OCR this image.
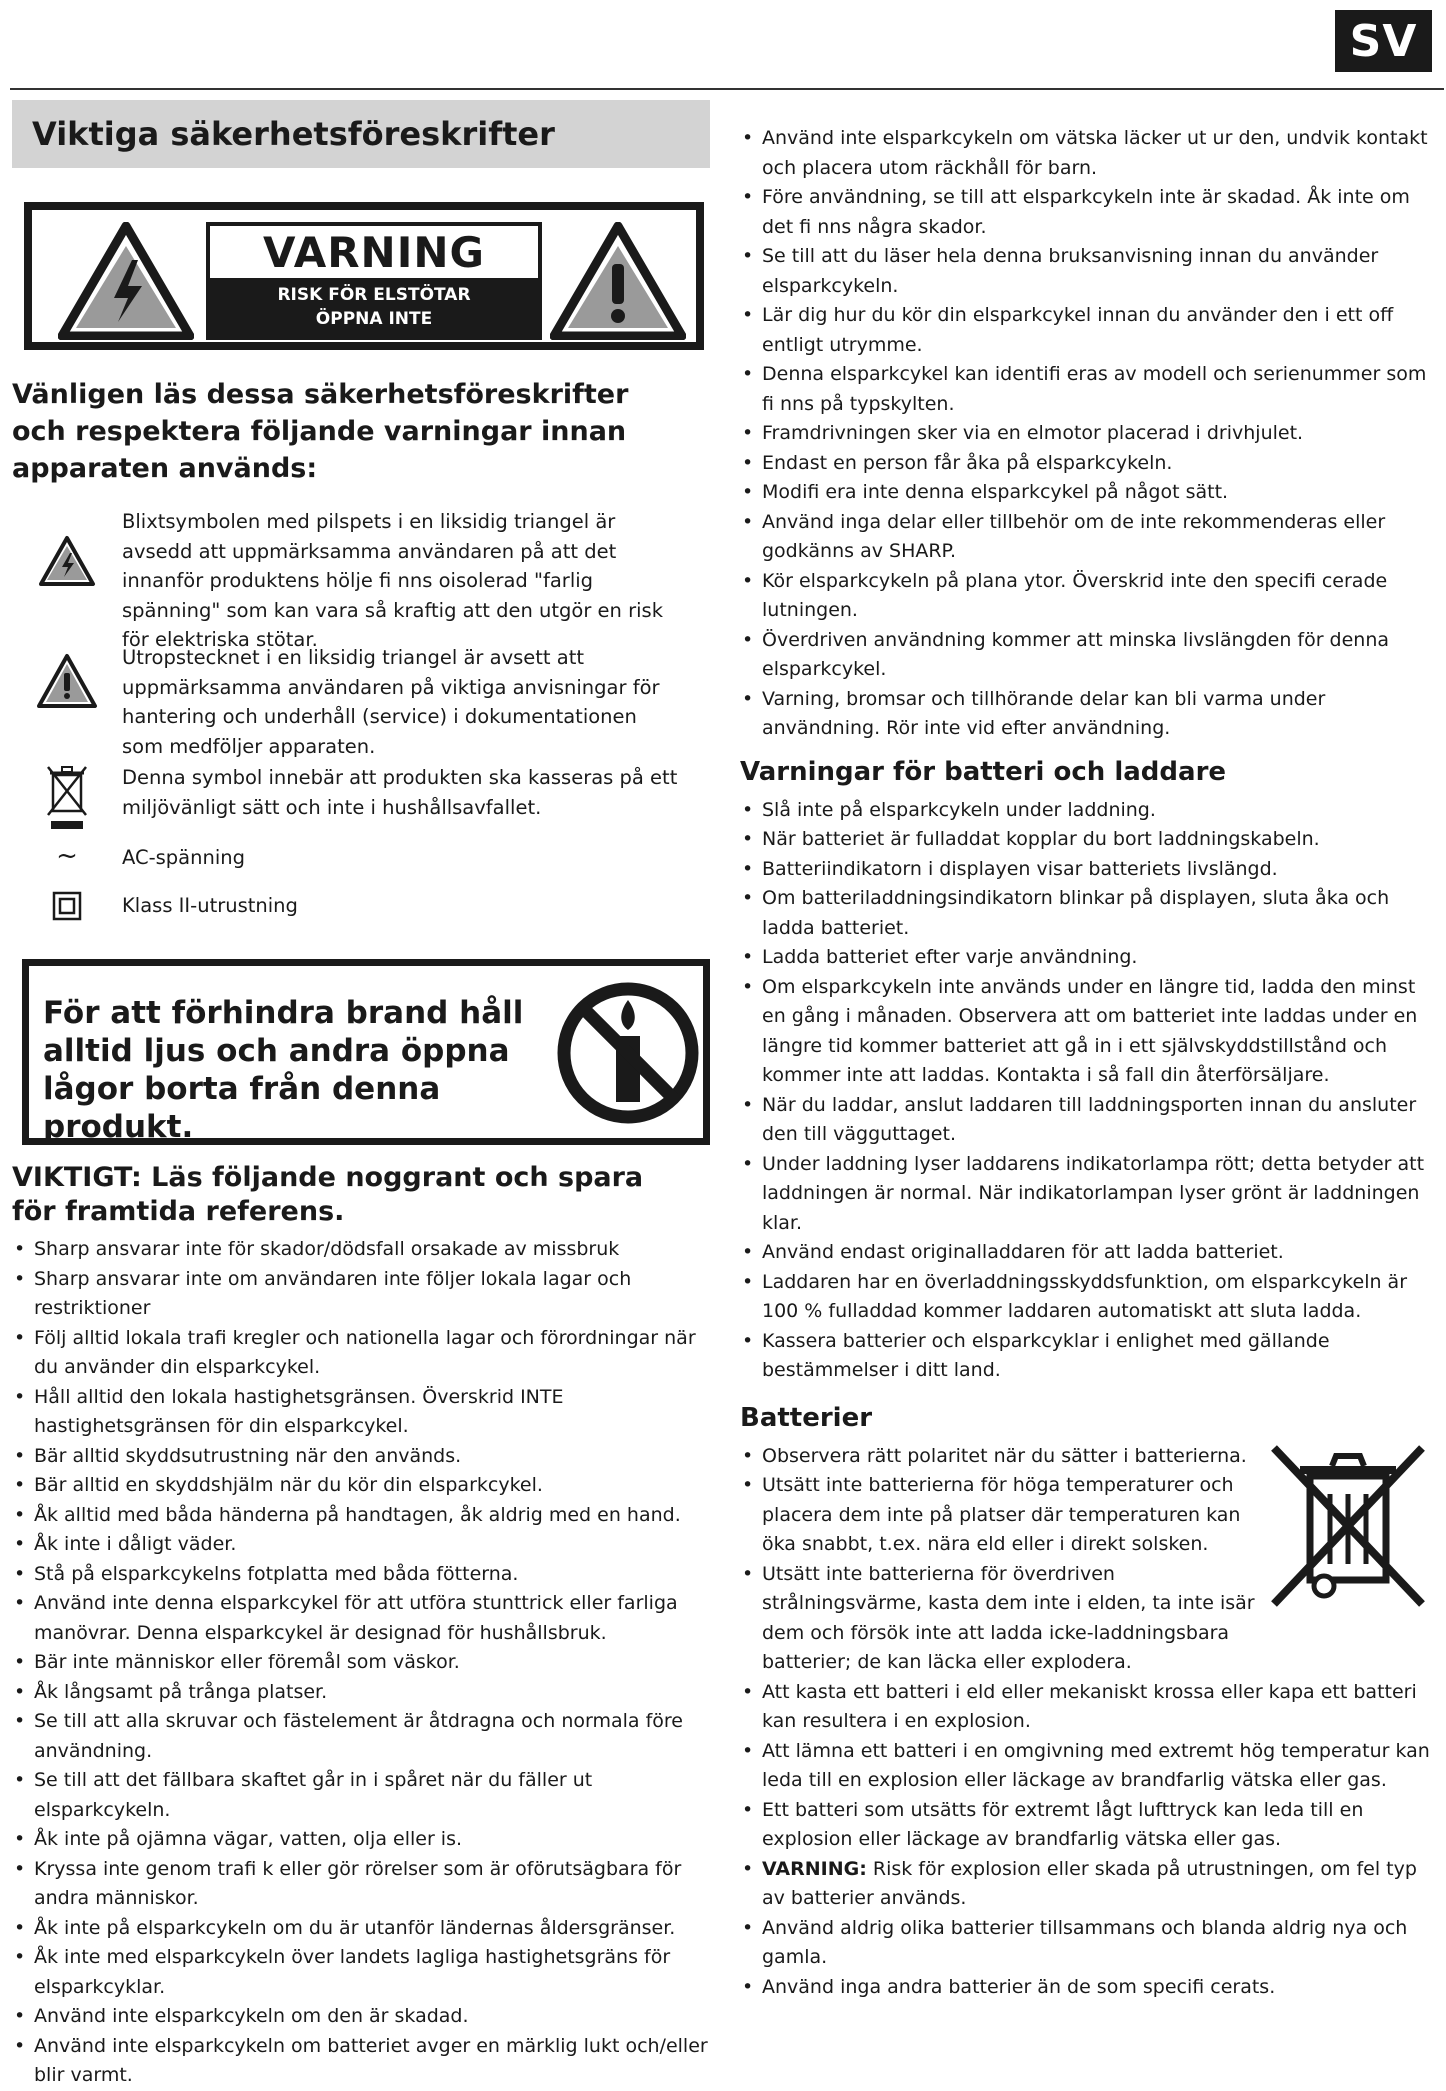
SV
Viktiga säkerhetsföreskrifter
VARNING
RISK FÖR ELSTÖTAR
ÖPPNA INTE
Vänligen läs dessa säkerhetsföreskrifter och respektera följande varningar innan apparaten används:
Blixtsymbolen med pilspets i en liksidig triangel är avsedd att uppmärksamma användaren på att det innanför produktens hölje fi nns oisolerad "farlig spänning" som kan vara så kraftig att den utgör en risk för elektriska stötar.
Utropstecknet i en liksidig triangel är avsett att uppmärksamma användaren på viktiga anvisningar för hantering och underhåll (service) i dokumentationen som medföljer apparaten.
Denna symbol innebär att produkten ska kasseras på ett miljövänligt sätt och inte i hushållsavfallet.
~	AC-spänning
Klass II-utrustning
För att förhindra brand håll alltid ljus och andra öppna lågor borta från denna produkt.
VIKTIGT: Läs följande noggrant och spara för framtida referens.
• Sharp ansvarar inte för skador/dödsfall orsakade av missbruk
• Sharp ansvarar inte om användaren inte följer lokala lagar och restriktioner
• Följ alltid lokala trafi kregler och nationella lagar och förordningar när du använder din elsparkcykel.
• Håll alltid den lokala hastighetsgränsen. Överskrid INTE hastighetsgränsen för din elsparkcykel.
• Bär alltid skyddsutrustning när den används.
• Bär alltid en skyddshjälm när du kör din elsparkcykel.
• Åk alltid med båda händerna på handtagen, åk aldrig med en hand.
• Åk inte i dåligt väder.
• Stå på elsparkcykelns fotplatta med båda fötterna.
• Använd inte denna elsparkcykel för att utföra stunttrick eller farliga manövrar. Denna elsparkcykel är designad för hushållsbruk.
• Bär inte människor eller föremål som väskor.
• Åk långsamt på trånga platser.
• Se till att alla skruvar och fästelement är åtdragna och normala före användning.
• Se till att det fällbara skaftet går in i spåret när du fäller ut elsparkcykeln.
• Åk inte på ojämna vägar, vatten, olja eller is.
• Kryssa inte genom trafi k eller gör rörelser som är oförutsägbara för andra människor.
• Åk inte på elsparkcykeln om du är utanför ländernas åldersgränser.
• Åk inte med elsparkcykeln över landets lagliga hastighetsgräns för elsparkcyklar.
• Använd inte elsparkcykeln om den är skadad.
• Använd inte elsparkcykeln om batteriet avger en märklig lukt och/eller blir varmt.
• Använd inte elsparkcykeln om vätska läcker ut ur den, undvik kontakt och placera utom räckhåll för barn.
• Före användning, se till att elsparkcykeln inte är skadad. Åk inte om det fi nns några skador.
• Se till att du läser hela denna bruksanvisning innan du använder elsparkcykeln.
• Lär dig hur du kör din elsparkcykel innan du använder den i ett off entligt utrymme.
• Denna elsparkcykel kan identifi eras av modell och serienummer som fi nns på typskylten.
• Framdrivningen sker via en elmotor placerad i drivhjulet.
• Endast en person får åka på elsparkcykeln.
• Modifi era inte denna elsparkcykel på något sätt.
• Använd inga delar eller tillbehör om de inte rekommenderas eller godkänns av SHARP.
• Kör elsparkcykeln på plana ytor. Överskrid inte den specifi cerade lutningen.
• Överdriven användning kommer att minska livslängden för denna elsparkcykel.
• Varning, bromsar och tillhörande delar kan bli varma under användning. Rör inte vid efter användning.
Varningar för batteri och laddare
• Slå inte på elsparkcykeln under laddning.
• När batteriet är fulladdat kopplar du bort laddningskabeln.
• Batteriindikatorn i displayen visar batteriets livslängd.
• Om batteriladdningsindikatorn blinkar på displayen, sluta åka och ladda batteriet.
• Ladda batteriet efter varje användning.
• Om elsparkcykeln inte används under en längre tid, ladda den minst en gång i månaden. Observera att om batteriet inte laddas under en längre tid kommer batteriet att gå in i ett självskyddstillstånd och kommer inte att laddas. Kontakta i så fall din återförsäljare.
• När du laddar, anslut laddaren till laddningsporten innan du ansluter den till vägguttaget.
• Under laddning lyser laddarens indikatorlampa rött; detta betyder att laddningen är normal. När indikatorlampan lyser grönt är laddningen klar.
• Använd endast originalladdaren för att ladda batteriet.
• Laddaren har en överladdningsskyddsfunktion, om elsparkcykeln är 100 % fulladdad kommer laddaren automatiskt att sluta ladda.
• Kassera batterier och elsparkcyklar i enlighet med gällande bestämmelser i ditt land.
Batterier
• Observera rätt polaritet när du sätter i batterierna.
• Utsätt inte batterierna för höga temperaturer och placera dem inte på platser där temperaturen kan öka snabbt, t.ex. nära eld eller i direkt solsken.
• Utsätt inte batterierna för överdriven strålningsvärme, kasta dem inte i elden, ta inte isär dem och försök inte att ladda icke-laddningsbara batterier; de kan läcka eller explodera.
• Att kasta ett batteri i eld eller mekaniskt krossa eller kapa ett batteri kan resultera i en explosion.
• Att lämna ett batteri i en omgivning med extremt hög temperatur kan leda till en explosion eller läckage av brandfarlig vätska eller gas.
• Ett batteri som utsätts för extremt lågt lufttryck kan leda till en explosion eller läckage av brandfarlig vätska eller gas.
• VARNING: Risk för explosion eller skada på utrustningen, om fel typ av batterier används.
• Använd aldrig olika batterier tillsammans och blanda aldrig nya och gamla.
• Använd inga andra batterier än de som specifi cerats.
